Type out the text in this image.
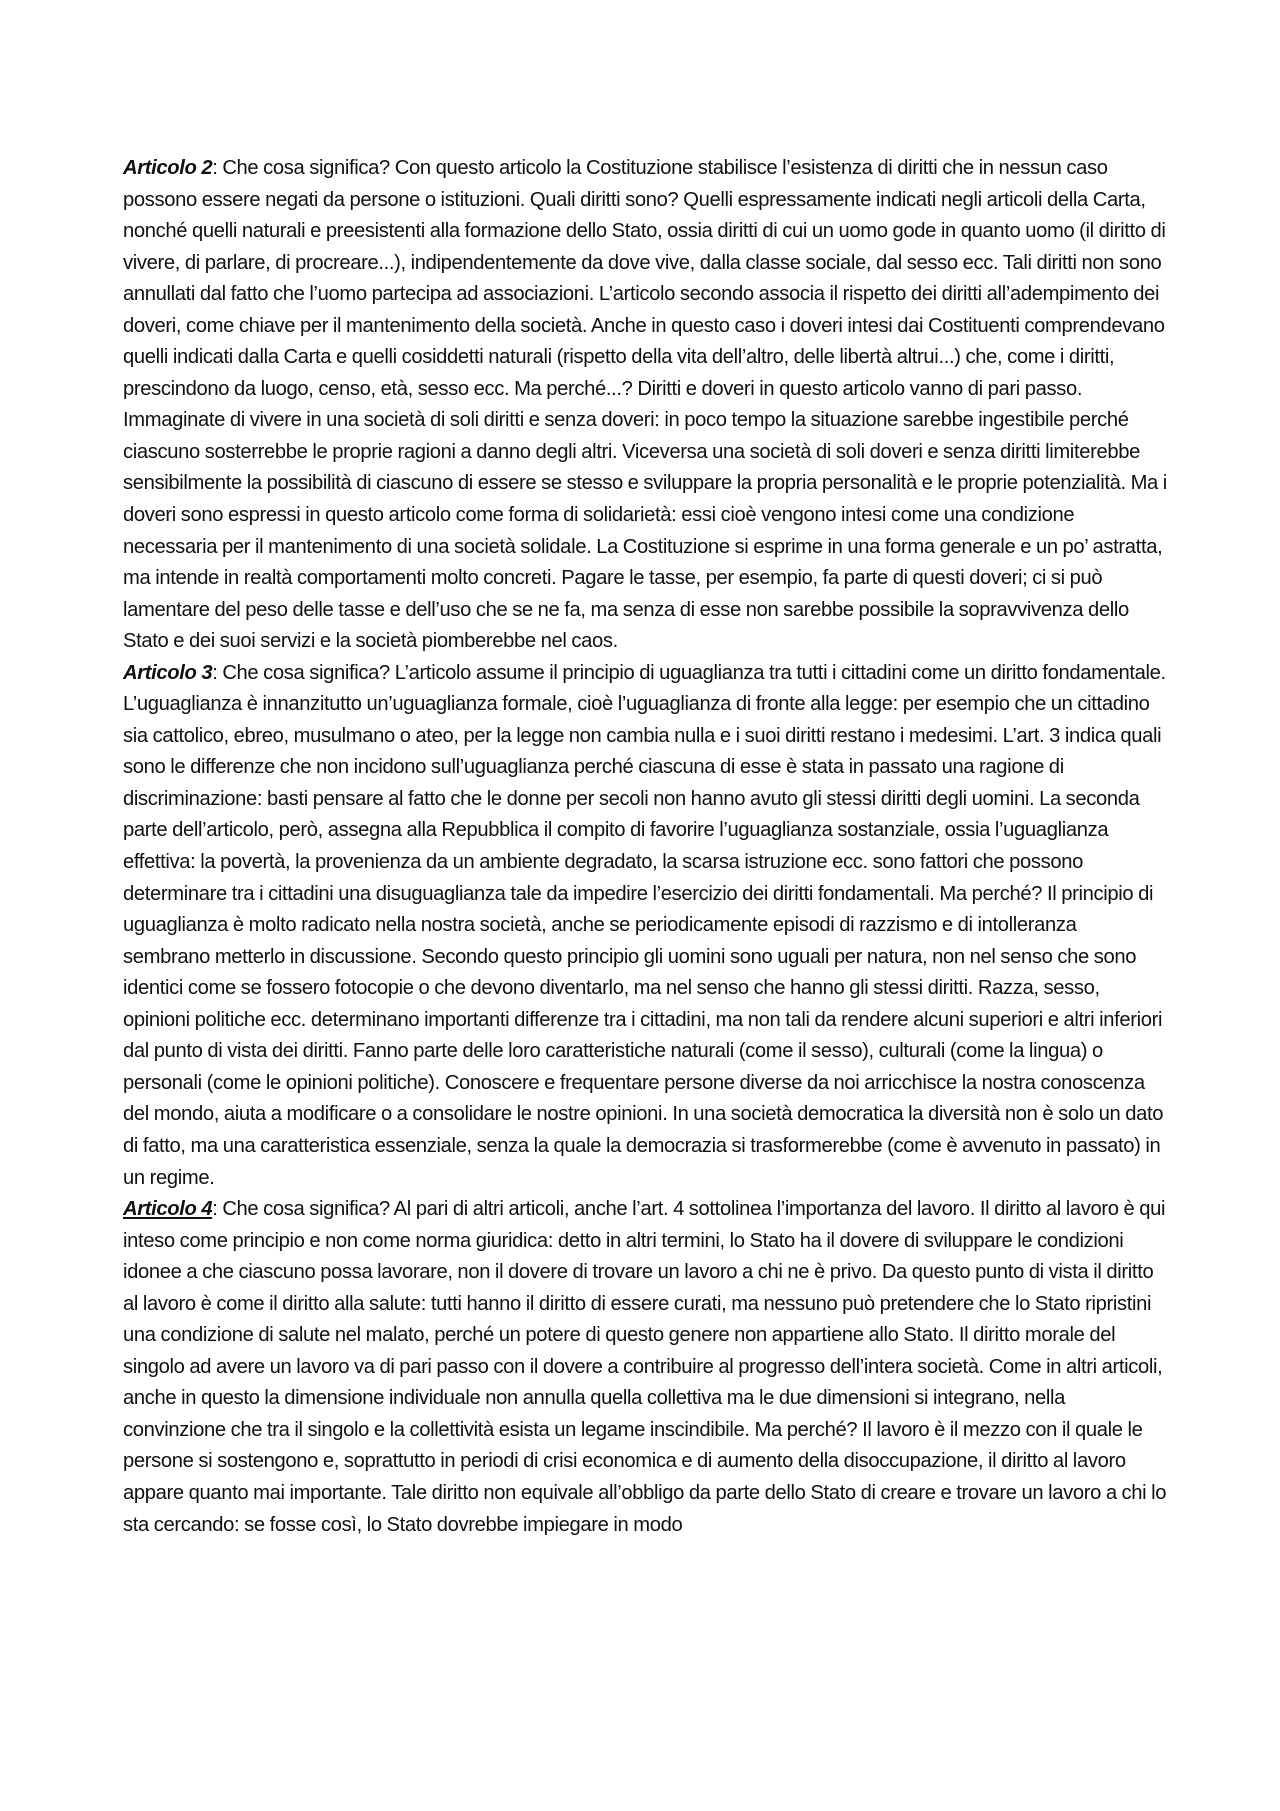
Articolo 2: Che cosa significa? Con questo articolo la Costituzione stabilisce l’esistenza di diritti che in nessun caso possono essere negati da persone o istituzioni. Quali diritti sono? Quelli espressamente indicati negli articoli della Carta, nonché quelli naturali e preesistenti alla formazione dello Stato, ossia diritti di cui un uomo gode in quanto uomo (il diritto di vivere, di parlare, di procreare...), indipendentemente da dove vive, dalla classe sociale, dal sesso ecc. Tali diritti non sono annullati dal fatto che l’uomo partecipa ad associazioni. L’articolo secondo associa il rispetto dei diritti all’adempimento dei doveri, come chiave per il mantenimento della società. Anche in questo caso i doveri intesi dai Costituenti comprendevano quelli indicati dalla Carta e quelli cosiddetti naturali (rispetto della vita dell’altro, delle libertà altrui...) che, come i diritti, prescindono da luogo, censo, età, sesso ecc. Ma perché...? Diritti e doveri in questo articolo vanno di pari passo. Immaginate di vivere in una società di soli diritti e senza doveri: in poco tempo la situazione sarebbe ingestibile perché ciascuno sosterrebbe le proprie ragioni a danno degli altri. Viceversa una società di soli doveri e senza diritti limiterebbe sensibilmente la possibilità di ciascuno di essere se stesso e sviluppare la propria personalità e le proprie potenzialità. Ma i doveri sono espressi in questo articolo come forma di solidarietà: essi cioè vengono intesi come una condizione necessaria per il mantenimento di una società solidale. La Costituzione si esprime in una forma generale e un po’ astratta, ma intende in realtà comportamenti molto concreti. Pagare le tasse, per esempio, fa parte di questi doveri; ci si può lamentare del peso delle tasse e dell’uso che se ne fa, ma senza di esse non sarebbe possibile la sopravvivenza dello Stato e dei suoi servizi e la società piomberebbe nel caos.

Articolo 3: Che cosa significa? L’articolo assume il principio di uguaglianza tra tutti i cittadini come un diritto fondamentale. L’uguaglianza è innanzitutto un’uguaglianza formale, cioè l’uguaglianza di fronte alla legge: per esempio che un cittadino sia cattolico, ebreo, musulmano o ateo, per la legge non cambia nulla e i suoi diritti restano i medesimi. L’art. 3 indica quali sono le differenze che non incidono sull’uguaglianza perché ciascuna di esse è stata in passato una ragione di discriminazione: basti pensare al fatto che le donne per secoli non hanno avuto gli stessi diritti degli uomini. La seconda parte dell’articolo, però, assegna alla Repubblica il compito di favorire l’uguaglianza sostanziale, ossia l’uguaglianza effettiva: la povertà, la provenienza da un ambiente degradato, la scarsa istruzione ecc. sono fattori che possono determinare tra i cittadini una disuguaglianza tale da impedire l’esercizio dei diritti fondamentali. Ma perché? Il principio di uguaglianza è molto radicato nella nostra società, anche se periodicamente episodi di razzismo e di intolleranza sembrano metterlo in discussione. Secondo questo principio gli uomini sono uguali per natura, non nel senso che sono identici come se fossero fotocopie o che devono diventarlo, ma nel senso che hanno gli stessi diritti. Razza, sesso, opinioni politiche ecc. determinano importanti differenze tra i cittadini, ma non tali da rendere alcuni superiori e altri inferiori dal punto di vista dei diritti. Fanno parte delle loro caratteristiche naturali (come il sesso), culturali (come la lingua) o personali (come le opinioni politiche). Conoscere e frequentare persone diverse da noi arricchisce la nostra conoscenza del mondo, aiuta a modificare o a consolidare le nostre opinioni. In una società democratica la diversità non è solo un dato di fatto, ma una caratteristica essenziale, senza la quale la democrazia si trasformerebbe (come è avvenuto in passato) in un regime.

Articolo 4: Che cosa significa? Al pari di altri articoli, anche l’art. 4 sottolinea l’importanza del lavoro. Il diritto al lavoro è qui inteso come principio e non come norma giuridica: detto in altri termini, lo Stato ha il dovere di sviluppare le condizioni idonee a che ciascuno possa lavorare, non il dovere di trovare un lavoro a chi ne è privo. Da questo punto di vista il diritto al lavoro è come il diritto alla salute: tutti hanno il diritto di essere curati, ma nessuno può pretendere che lo Stato ripristini una condizione di salute nel malato, perché un potere di questo genere non appartiene allo Stato. Il diritto morale del singolo ad avere un lavoro va di pari passo con il dovere a contribuire al progresso dell’intera società. Come in altri articoli, anche in questo la dimensione individuale non annulla quella collettiva ma le due dimensioni si integrano, nella convinzione che tra il singolo e la collettività esista un legame inscindibile. Ma perché? Il lavoro è il mezzo con il quale le persone si sostengono e, soprattutto in periodi di crisi economica e di aumento della disoccupazione, il diritto al lavoro appare quanto mai importante. Tale diritto non equivale all’obbligo da parte dello Stato di creare e trovare un lavoro a chi lo sta cercando: se fosse così, lo Stato dovrebbe impiegare in modo
